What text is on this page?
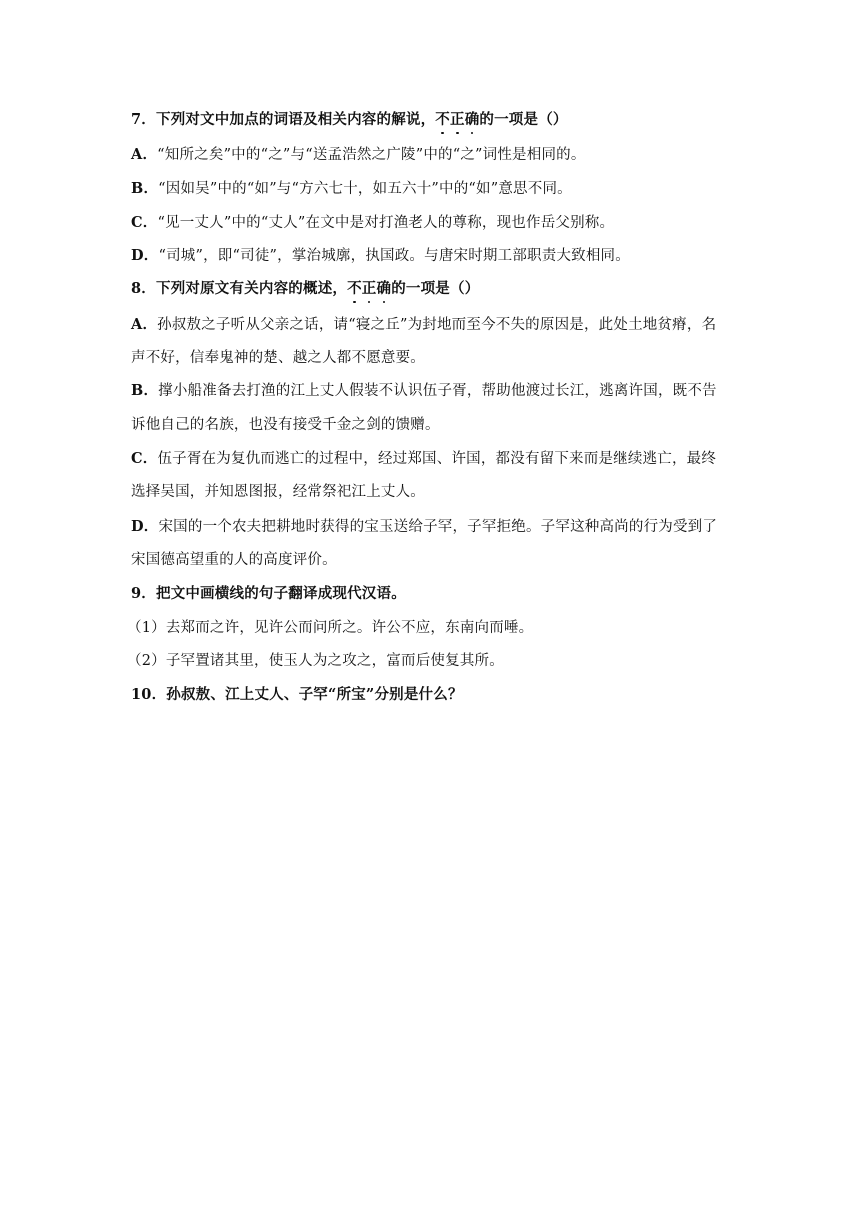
7．下列对文中加点的词语及相关内容的解说，不正确的一项是（）
A．“知所之矣”中的“之”与“送孟浩然之广陵”中的“之”词性是相同的。
B．“因如吴”中的“如”与“方六七十，如五六十”中的“如”意思不同。
C．“见一丈人”中的“丈人”在文中是对打渔老人的尊称，现也作岳父别称。
D．“司城”，即“司徒”，掌治城廓，执国政。与唐宋时期工部职责大致相同。
8．下列对原文有关内容的概述，不正确的一项是（）
A．孙叔敖之子听从父亲之话，请“寝之丘”为封地而至今不失的原因是，此处土地贫瘠，名
声不好，信奉鬼神的楚、越之人都不愿意要。
B．撑小船准备去打渔的江上丈人假装不认识伍子胥，帮助他渡过长江，逃离许国，既不告
诉他自己的名族，也没有接受千金之剑的馈赠。
C．伍子胥在为复仇而逃亡的过程中，经过郑国、许国，都没有留下来而是继续逃亡，最终
选择吴国，并知恩图报，经常祭祀江上丈人。
D．宋国的一个农夫把耕地时获得的宝玉送给子罕，子罕拒绝。子罕这种高尚的行为受到了
宋国德高望重的人的高度评价。
9．把文中画横线的句子翻译成现代汉语。
（1）去郑而之许，见许公而问所之。许公不应，东南向而唾。
（2）子罕置诸其里，使玉人为之攻之，富而后使复其所。
10．孙叔敖、江上丈人、子罕“所宝”分别是什么？
